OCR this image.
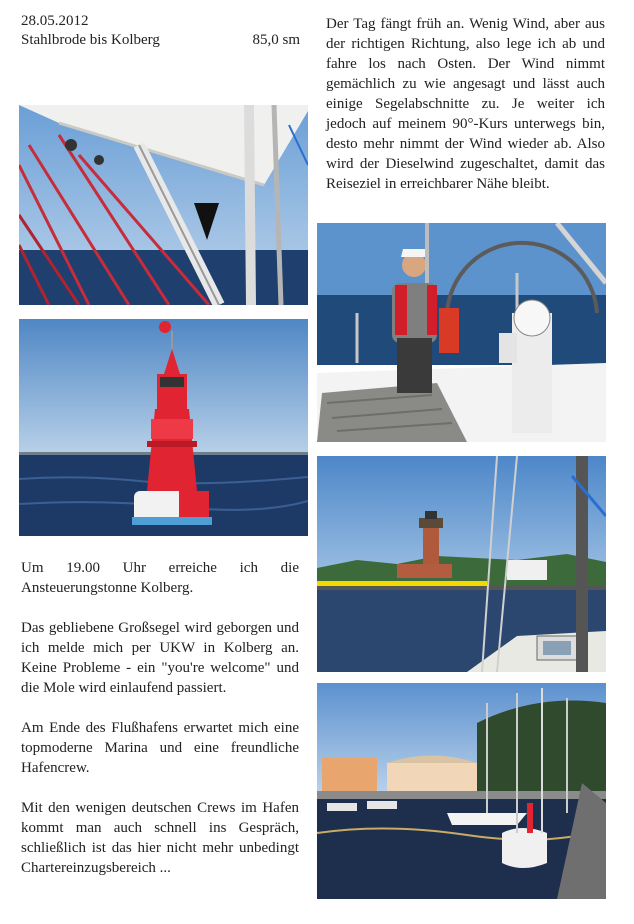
28.05.2012
Stahlbrode bis Kolberg	85,0 sm

Der Tag fängt früh an. Wenig Wind, aber aus der richtigen Richtung, also lege ich ab und fahre los nach Osten. Der Wind nimmt gemächlich zu wie angesagt und lässt auch einige Segelabschnitte zu. Je weiter ich jedoch auf meinem 90°-Kurs unterwegs bin, desto mehr nimmt der Wind wieder ab. Also wird der Dieselwind zugeschaltet, damit das Reiseziel in erreichbarer Nähe bleibt.

Um 19.00 Uhr erreiche ich die Ansteuerungstonne Kolberg.

Das gebliebene Großsegel wird geborgen und ich melde mich per UKW in Kolberg an. Keine Probleme - ein "you're welcome" und die Mole wird einlaufend passiert.

Am Ende des Flußhafens erwartet mich eine topmoderne Marina und eine freundliche Hafencrew.

Mit den wenigen deutschen Crews im Hafen kommt man auch schnell ins Gespräch, schließlich ist das hier nicht mehr unbedingt Chartereinzugsbereich ...
